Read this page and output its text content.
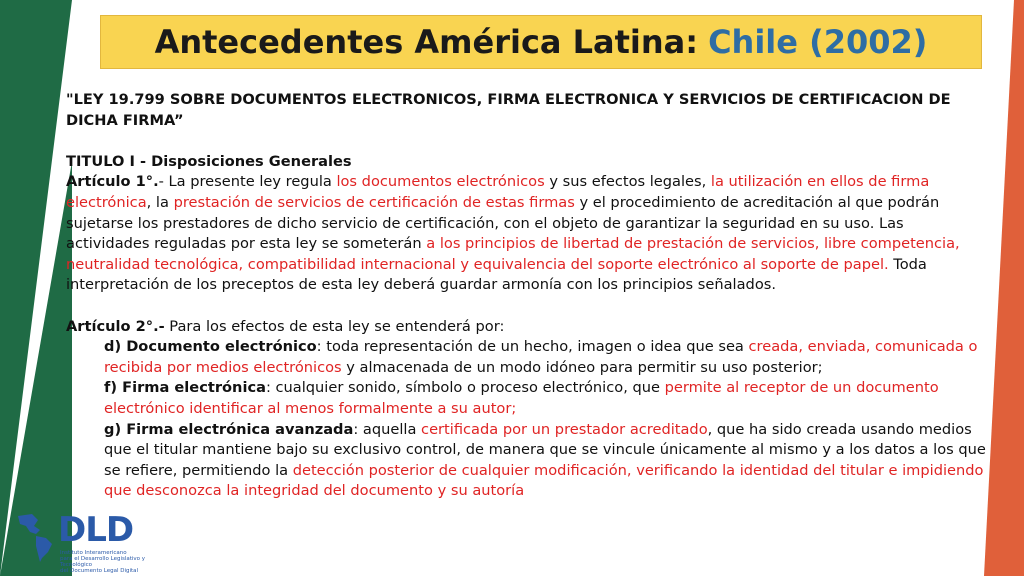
Antecedentes América Latina: Chile (2002)

"LEY 19.799 SOBRE DOCUMENTOS ELECTRONICOS, FIRMA ELECTRONICA Y SERVICIOS DE CERTIFICACION DE DICHA FIRMA”

TITULO I - Disposiciones Generales

Artículo 1°.- La presente ley regula los documentos electrónicos y sus efectos legales, la utilización en ellos de firma electrónica, la prestación de servicios de certificación de estas firmas y el procedimiento de acreditación al que podrán sujetarse los prestadores de dicho servicio de certificación, con el objeto de garantizar la seguridad en su uso. Las actividades reguladas por esta ley se someterán a los principios de libertad de prestación de servicios, libre competencia, neutralidad tecnológica, compatibilidad internacional y equivalencia del soporte electrónico al soporte de papel. Toda interpretación de los preceptos de esta ley deberá guardar armonía con los principios señalados.

Artículo 2°.- Para los efectos de esta ley se entenderá por:

d) Documento electrónico: toda representación de un hecho, imagen o idea que sea creada, enviada, comunicada o recibida por medios electrónicos y almacenada de un modo idóneo para permitir su uso posterior;

f) Firma electrónica: cualquier sonido, símbolo o proceso electrónico, que permite al receptor de un documento electrónico identificar al menos formalmente a su autor;

g) Firma electrónica avanzada: aquella certificada por un prestador acreditado, que ha sido creada usando medios que el titular mantiene bajo su exclusivo control, de manera que se vincule únicamente al mismo y a los datos a los que se refiere, permitiendo la detección posterior de cualquier modificación, verificando la identidad del titular e impidiendo que desconozca la integridad del documento y su autoría

DLD
Instituto Interamericano
para el Desarrollo Legislativo y Tecnológico
del Documento Legal Digital
